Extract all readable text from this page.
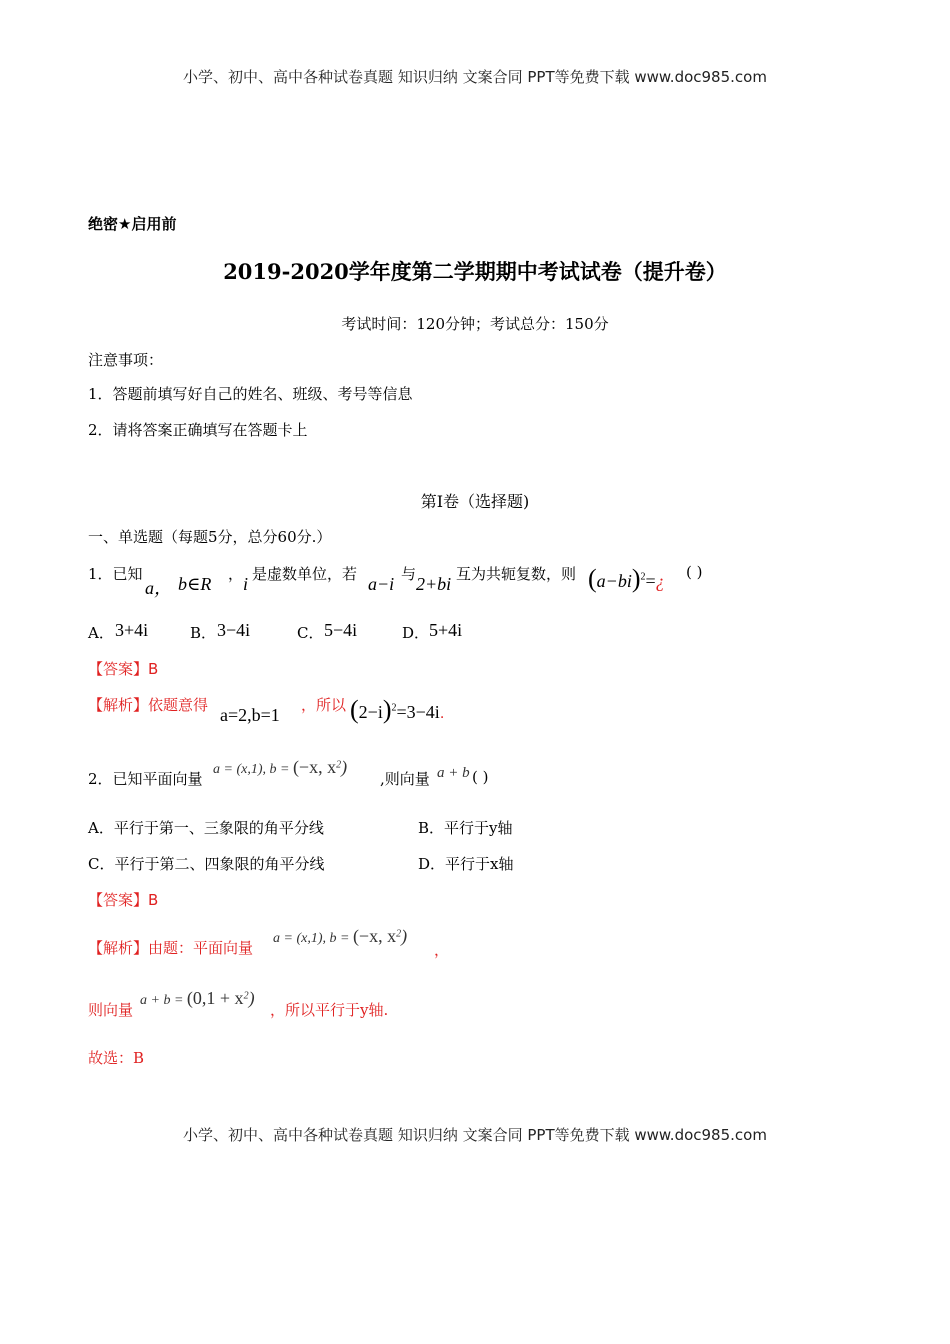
小学、初中、高中各种试卷真题 知识归纳 文案合同 PPT等免费下载 www.doc985.com
绝密★启用前
2019-2020学年度第二学期期中考试试卷（提升卷）
考试时间：120分钟；考试总分：150分
注意事项：
1．答题前填写好自己的姓名、班级、考号等信息
2．请将答案正确填写在答题卡上
第I卷（选择题)
一、单选题（每题5分，总分60分.）
1．已知
a， b∈R ， i 是虚数单位，若 a−i 与 2+bi 互为共轭复数，则 $(a-bi)^2=¿$ ( )
A． 3+4i	B． 3−4i	C． 5−4i	D． 5+4i
【答案】B
【解析】依题意得 a=2,b=1 ，所以 $(2-i)^2=3-4i$.
2．已知平面向量
a = (x,1), b = (−x, $x^2$)
,则向量 a + b ( )
A．平行于第一、三象限的角平分线	B．平行于y轴
C．平行于第二、四象限的角平分线	D．平行于x轴
【答案】B
【解析】由题：平面向量
a = (x,1), b = (−x, $x^2$)
，
则向量
$a + b = (0,1 + x^2)$
，所以平行于y轴.
故选：B
小学、初中、高中各种试卷真题 知识归纳 文案合同 PPT等免费下载 www.doc985.com
